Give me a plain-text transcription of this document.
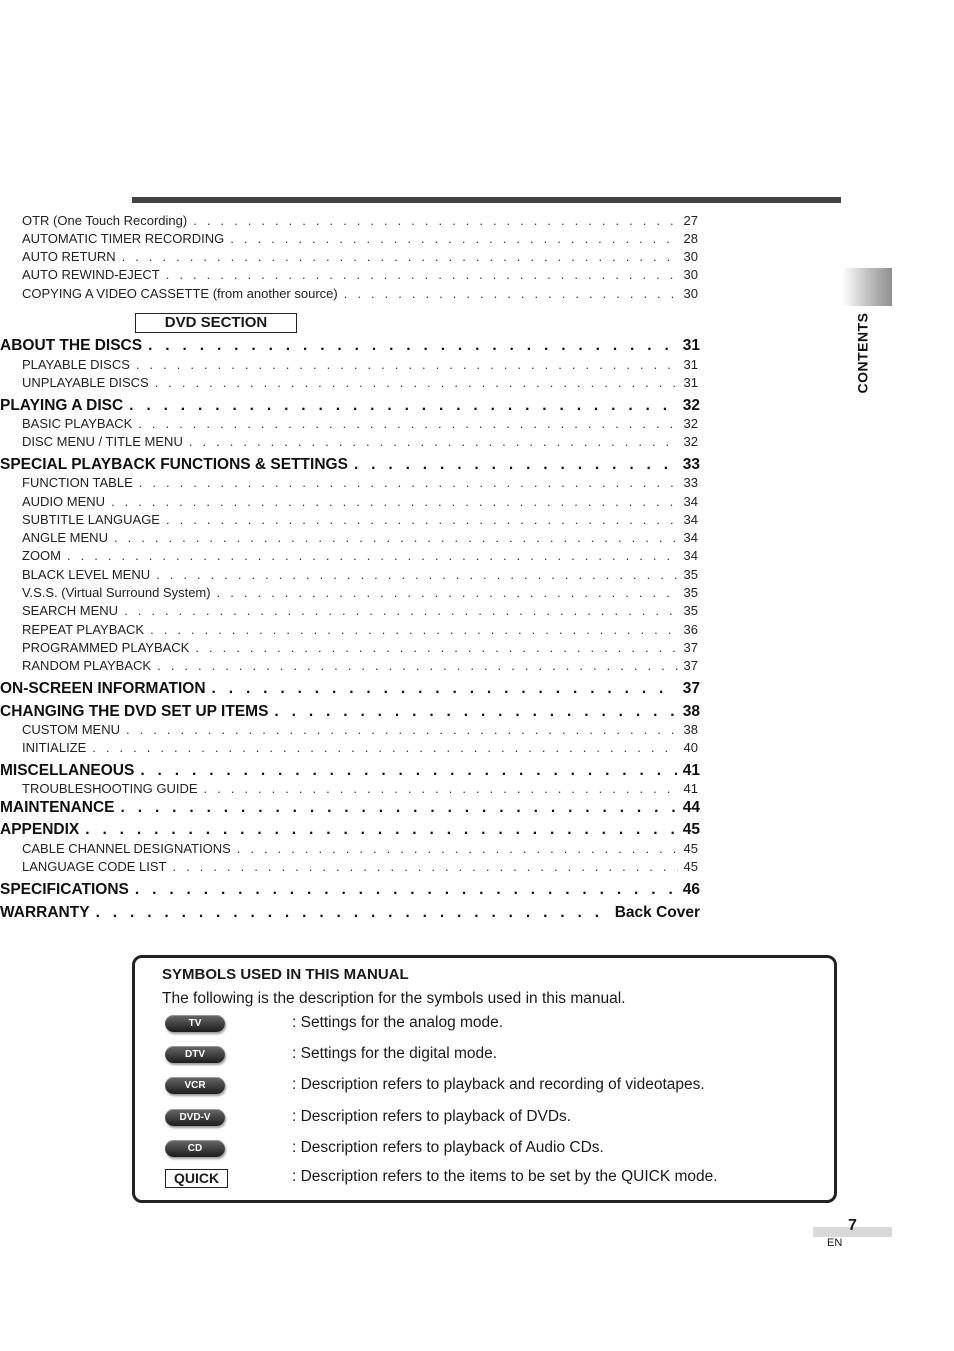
OTR (One Touch Recording) . . .	27
AUTOMATIC TIMER RECORDING . . .	28
AUTO RETURN . . .	30
AUTO REWIND-EJECT . . .	30
COPYING A VIDEO CASSETTE (from another source) . . .	30
DVD SECTION
ABOUT THE DISCS . . .	31
PLAYABLE DISCS . . .	31
UNPLAYABLE DISCS . . .	31
PLAYING A DISC . . .	32
BASIC PLAYBACK . . .	32
DISC MENU / TITLE MENU . . .	32
SPECIAL PLAYBACK FUNCTIONS & SETTINGS . . .	33
FUNCTION TABLE . . .	33
AUDIO MENU . . .	34
SUBTITLE LANGUAGE . . .	34
ANGLE MENU . . .	34
ZOOM . . .	34
BLACK LEVEL MENU . . .	35
V.S.S. (Virtual Surround System) . . .	35
SEARCH MENU . . .	35
REPEAT PLAYBACK . . .	36
PROGRAMMED PLAYBACK . . .	37
RANDOM PLAYBACK . . .	37
ON-SCREEN INFORMATION . . .	37
CHANGING THE DVD SET UP ITEMS . . .	38
CUSTOM MENU . . .	38
INITIALIZE . . .	40
MISCELLANEOUS . . .	41
TROUBLESHOOTING GUIDE . . .	41
MAINTENANCE . . .	44
APPENDIX . . .	45
CABLE CHANNEL DESIGNATIONS . . .	45
LANGUAGE CODE LIST . . .	45
SPECIFICATIONS . . .	46
WARRANTY . . .	Back Cover
CONTENTS
SYMBOLS USED IN THIS MANUAL
The following is the description for the symbols used in this manual.
TV	: Settings for the analog mode.
DTV	: Settings for the digital mode.
VCR	: Description refers to playback and recording of videotapes.
DVD-V	: Description refers to playback of DVDs.
CD	: Description refers to playback of Audio CDs.
QUICK	: Description refers to the items to be set by the QUICK mode.
7
EN
